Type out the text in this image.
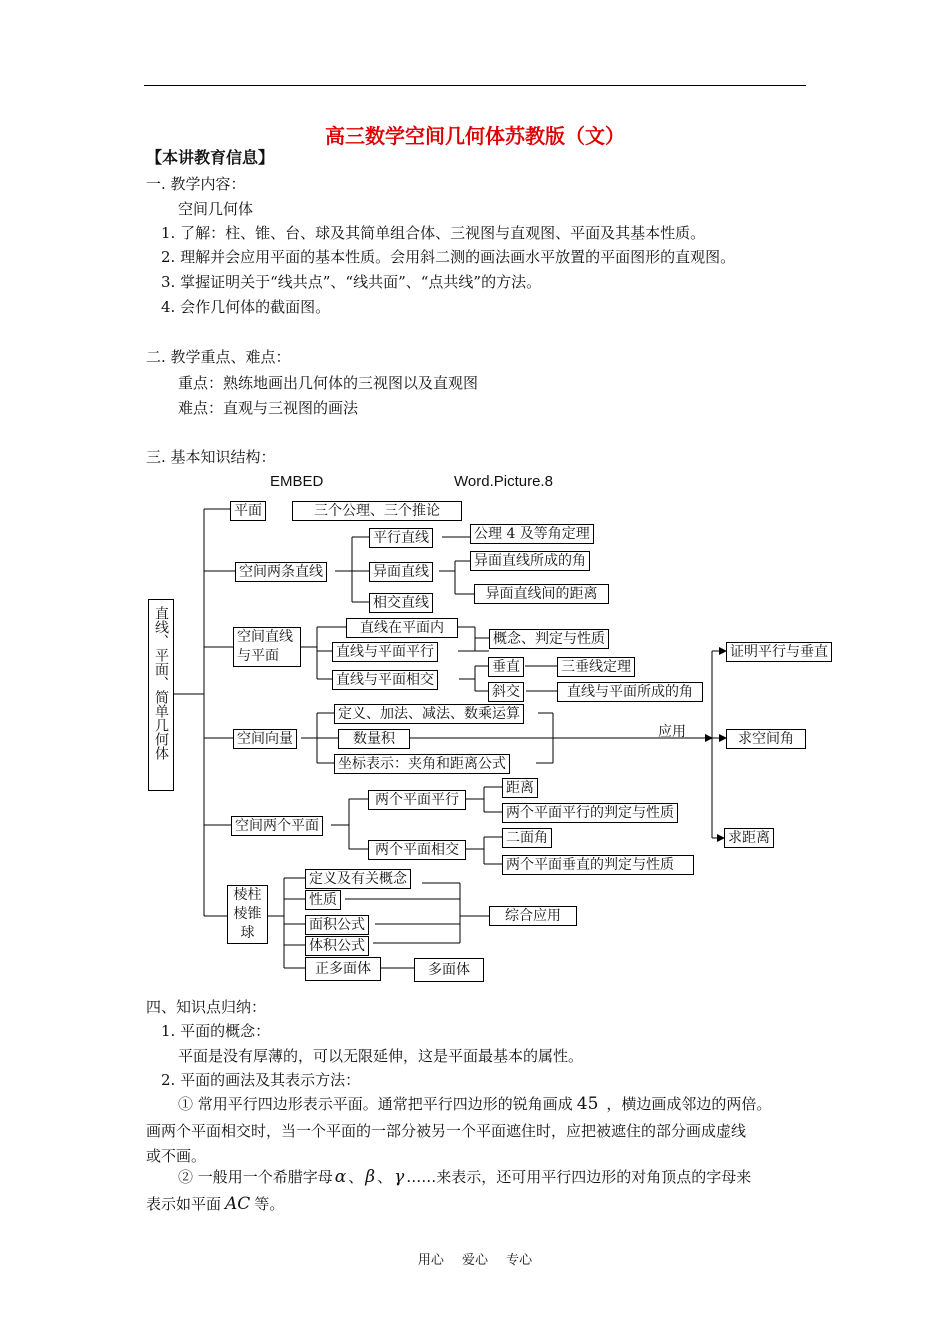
高三数学空间几何体苏教版（文）
【本讲教育信息】
一. 教学内容：
空间几何体
1. 了解：柱、锥、台、球及其简单组合体、三视图与直观图、平面及其基本性质。
2. 理解并会应用平面的基本性质。会用斜二测的画法画水平放置的平面图形的直观图。
3. 掌握证明关于“线共点”、“线共面”、“点共线”的方法。
4. 会作几何体的截面图。
二. 教学重点、难点：
重点：熟练地画出几何体的三视图以及直观图
难点：直观与三视图的画法
三. 基本知识结构：
EMBED	Word.Picture.8
直线、平面、简单几何体
平面	三个公理、三个推论
空间两条直线
平行直线	公理 4 及等角定理
异面直线
异面直线所成的角
异面直线间的距离
相交直线
空间直线与平面
直线在平面内
直线与平面平行
概念、判定与性质
直线与平面相交
垂直	三垂线定理
斜交	直线与平面所成的角
空间向量
定义、加法、减法、数乘运算
数量积
坐标表示：夹角和距离公式
应用
证明平行与垂直
求空间角
求距离
空间两个平面
两个平面平行
距离
两个平面平行的判定与性质
两个平面相交
二面角
两个平面垂直的判定与性质
棱柱
棱锥
球
定义及有关概念
性质
面积公式
体积公式
综合应用
正多面体	多面体
四、知识点归纳：
1. 平面的概念：
平面是没有厚薄的，可以无限延伸，这是平面最基本的属性。
2. 平面的画法及其表示方法：
① 常用平行四边形表示平面。通常把平行四边形的锐角画成 45 ，横边画成邻边的两倍。
画两个平面相交时，当一个平面的一部分被另一个平面遮住时，应把被遮住的部分画成虚线
或不画。
② 一般用一个希腊字母 α 、 β 、 γ ……来表示，还可用平行四边形的对角顶点的字母来
表示如平面 AC 等。
用心 爱心 专心
